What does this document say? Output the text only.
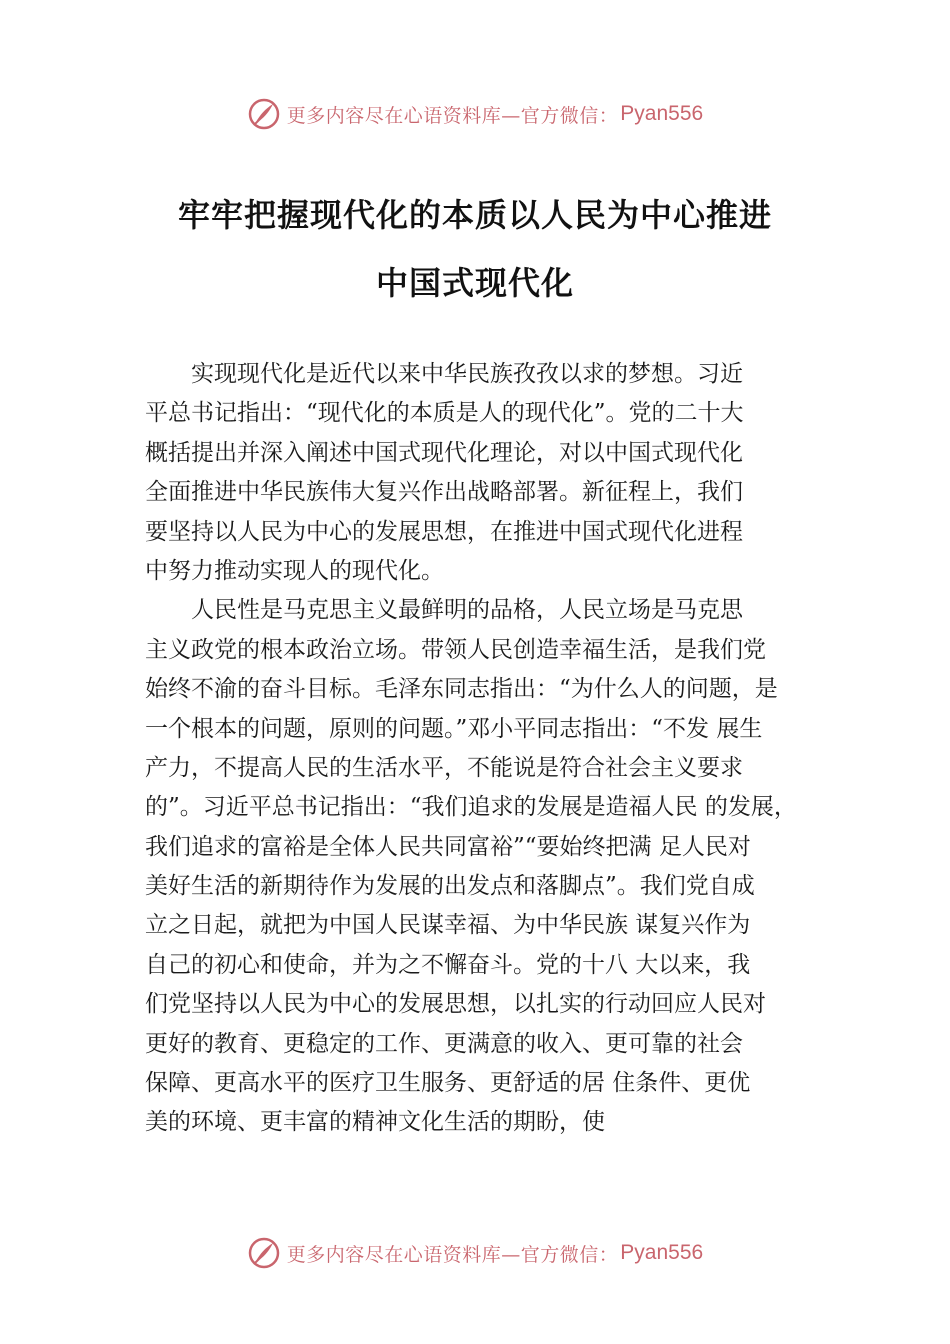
更多内容尽在心语资料库—官方微信： Pyan556
牢牢把握现代化的本质以人民为中心推进
中国式现代化
　　实现现代化是近代以来中华民族孜孜以求的梦想。习近
平总书记指出：“现代化的本质是人的现代化”。党的二十大
概括提出并深入阐述中国式现代化理论，对以中国式现代化
全面推进中华民族伟大复兴作出战略部署。新征程上，我们
要坚持以人民为中心的发展思想，在推进中国式现代化进程
中努力推动实现人的现代化。
　　人民性是马克思主义最鲜明的品格，人民立场是马克思
主义政党的根本政治立场。带领人民创造幸福生活，是我们党
始终不渝的奋斗目标。毛泽东同志指出：“为什么人的问题，是
一个根本的问题，原则的问题。”邓小平同志指出：“不发 展生
产力，不提高人民的生活水平，不能说是符合社会主义要求
的”。习近平总书记指出：“我们追求的发展是造福人民 的发展，
我们追求的富裕是全体人民共同富裕”“要始终把满 足人民对
美好生活的新期待作为发展的出发点和落脚点”。我们党自成
立之日起，就把为中国人民谋幸福、为中华民族 谋复兴作为
自己的初心和使命，并为之不懈奋斗。党的十八 大以来，我
们党坚持以人民为中心的发展思想，以扎实的行动回应人民对
更好的教育、更稳定的工作、更满意的收入、更可靠的社会
保障、更高水平的医疗卫生服务、更舒适的居 住条件、更优
美的环境、更丰富的精神文化生活的期盼，使
更多内容尽在心语资料库—官方微信： Pyan556
